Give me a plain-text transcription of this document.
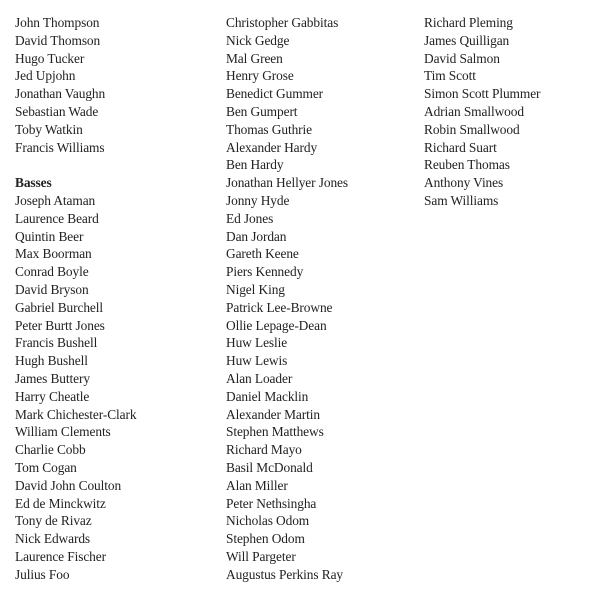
John Thompson
David Thomson
Hugo Tucker
Jed Upjohn
Jonathan Vaughn
Sebastian Wade
Toby Watkin
Francis Williams
Basses
Joseph Ataman
Laurence Beard
Quintin Beer
Max Boorman
Conrad Boyle
David Bryson
Gabriel Burchell
Peter Burtt Jones
Francis Bushell
Hugh Bushell
James Buttery
Harry Cheatle
Mark Chichester-Clark
William Clements
Charlie Cobb
Tom Cogan
David John Coulton
Ed de Minckwitz
Tony de Rivaz
Nick Edwards
Laurence Fischer
Julius Foo
Christopher Gabbitas
Nick Gedge
Mal Green
Henry Grose
Benedict Gummer
Ben Gumpert
Thomas Guthrie
Alexander Hardy
Ben Hardy
Jonathan Hellyer Jones
Jonny Hyde
Ed Jones
Dan Jordan
Gareth Keene
Piers Kennedy
Nigel King
Patrick Lee-Browne
Ollie Lepage-Dean
Huw Leslie
Huw Lewis
Alan Loader
Daniel Macklin
Alexander Martin
Stephen Matthews
Richard Mayo
Basil McDonald
Alan Miller
Peter Nethsingha
Nicholas Odom
Stephen Odom
Will Pargeter
Augustus Perkins Ray
Richard Pleming
James Quilligan
David Salmon
Tim Scott
Simon Scott Plummer
Adrian Smallwood
Robin Smallwood
Richard Suart
Reuben Thomas
Anthony Vines
Sam Williams
